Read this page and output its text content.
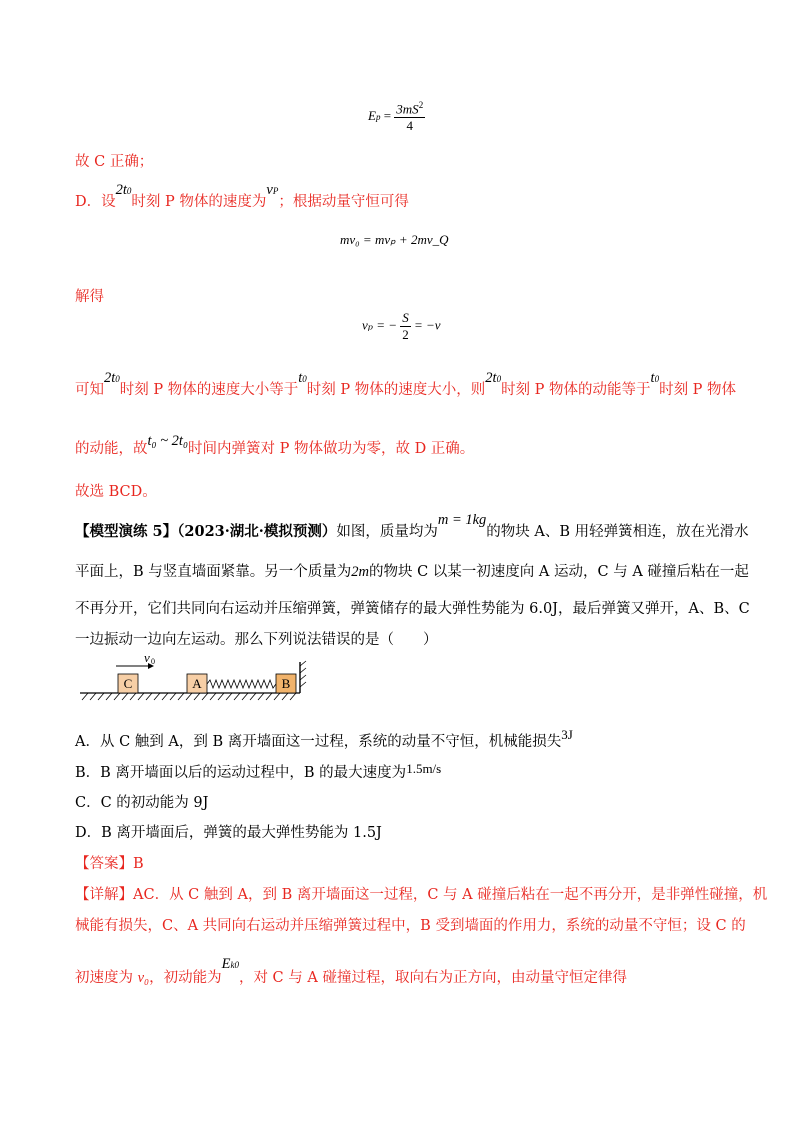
$Ep = \frac{3mS^2}{4}$
故 C 正确；
D．设2t0时刻 P 物体的速度为vP；根据动量守恒可得
mv₀ = mvₚ + 2mv_Q
解得
vₚ = − $\frac{S}{2} = -v$
可知2t0时刻 P 物体的速度大小等于t0时刻 P 物体的速度大小，则2t0时刻 P 物体的动能等于t0时刻 P 物体
的动能，故t₀ ~ 2t₀时间内弹簧对 P 物体做功为零，故 D 正确。
故选 BCD。
【模型演练 5】（2023·湖北·模拟预测）如图，质量均为m = 1kg的物块 A、B 用轻弹簧相连，放在光滑水
平面上，B 与竖直墙面紧靠。另一个质量为2m的物块 C 以某一初速度向 A 运动，C 与 A 碰撞后粘在一起
不再分开，它们共同向右运动并压缩弹簧，弹簧储存的最大弹性势能为 6.0J，最后弹簧又弹开，A、B、C
一边振动一边向左运动。那么下列说法错误的是（　　）
v 0
C	A	B
A．从 C 触到 A，到 B 离开墙面这一过程，系统的动量不守恒，机械能损失3J
B．B 离开墙面以后的运动过程中，B 的最大速度为1.5m/s
C．C 的初动能为 9J
D．B 离开墙面后，弹簧的最大弹性势能为 1.5J
【答案】B
【详解】AC．从 C 触到 A，到 B 离开墙面这一过程，C 与 A 碰撞后粘在一起不再分开，是非弹性碰撞，机
械能有损失，C、A 共同向右运动并压缩弹簧过程中，B 受到墙面的作用力，系统的动量不守恒；设 C 的
初速度为 v₀，初动能为Ek0，对 C 与 A 碰撞过程，取向右为正方向，由动量守恒定律得
